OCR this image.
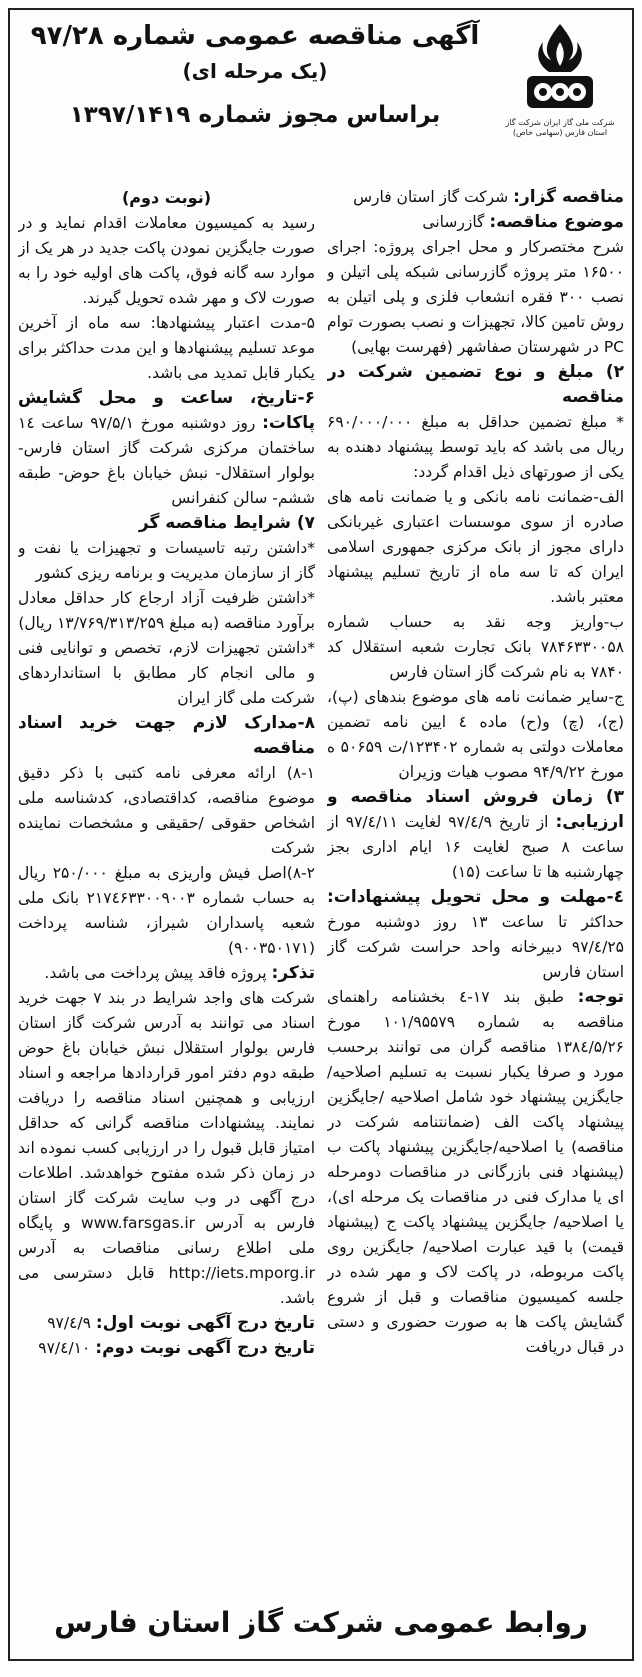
شرکت ملی گاز ایران شرکت گاز استان فارس (سهامی خاص)
آگهی مناقصه عمومی شماره ۹۷/۲۸
(یک مرحله ای)
براساس مجوز شماره ۱۳۹۷/۱۴۱۹

مناقصه گزار: شرکت گاز استان فارس

موضوع مناقصه: گازرسانی

شرح مختصرکار و محل اجرای پروژه: اجرای ۱۶۵۰۰ متر پروژه گازرسانی شبکه پلی اتیلن و نصب ۳۰۰ فقره انشعاب فلزی و پلی اتیلن به روش تامین کالا، تجهیزات و نصب بصورت توام PC در شهرستان صفاشهر (فهرست بهایی)

۲) مبلغ و نوع تضمین شرکت در مناقصه

* مبلغ تضمین حداقل به مبلغ ۶۹۰/۰۰۰/۰۰۰ ریال می باشد که باید توسط پیشنهاد دهنده به یکی از صورتهای ذیل اقدام گردد:

الف-ضمانت نامه بانکی و یا ضمانت نامه های صادره از سوی موسسات اعتباری غیربانکی دارای مجوز از بانک مرکزی جمهوری اسلامی ایران که تا سه ماه از تاریخ تسلیم پیشنهاد معتبر باشد.

ب-واریز وجه نقد به حساب شماره ۷۸۴۶۳۳۰۰۵۸ بانک تجارت شعبه استقلال کد ۷۸۴۰ به نام شرکت گاز استان فارس

ج-سایر ضمانت نامه های موضوع بندهای (پ)، (ج)، (چ) و(ح) ماده ٤ ایین نامه تضمین معاملات دولتی به شماره ۱۲۳۴۰۲/ت ۵۰۶۵۹ ه مورخ ۹۴/۹/۲۲ مصوب هیات وزیران

۳) زمان فروش اسناد مناقصه و ارزیابی: از تاریخ ۹۷/٤/۹ لغایت ۹۷/٤/۱۱ از ساعت ۸ صبح لغایت ۱۶ ایام اداری بجز چهارشنبه ها تا ساعت (۱۵)

٤-مهلت و محل تحویل پیشنهادات: حداکثر تا ساعت ۱۳ روز دوشنبه مورخ ۹۷/٤/۲۵ دبیرخانه واحد حراست شرکت گاز استان فارس

توجه: طبق بند ۱۷-٤ بخشنامه راهنمای مناقصه به شماره ۱۰۱/۹۵۵۷۹ مورخ ۱۳۸٤/۵/۲۶ مناقصه گران می توانند برحسب مورد و صرفا یکبار نسبت به تسلیم اصلاحیه/ جایگزین پیشنهاد خود شامل اصلاحیه /جایگزین پیشنهاد پاکت الف (ضمانتنامه شرکت در مناقصه) یا اصلاحیه/جایگزین پیشنهاد پاکت ب (پیشنهاد فنی بازرگانی در مناقصات دومرحله ای یا مدارک فنی در مناقصات یک مرحله ای)، یا اصلاحیه/ جایگزین پیشنهاد پاکت ج (پیشنهاد قیمت) با قید عبارت اصلاحیه/ جایگزین روی پاکت مربوطه، در پاکت لاک و مهر شده در جلسه کمیسیون مناقصات و قبل از شروع گشایش پاکت ها به صورت حضوری و دستی در قبال دریافت

(نوبت دوم)

رسید به کمیسیون معاملات اقدام نماید و در صورت جایگزین نمودن پاکت جدید در هر یک از موارد سه گانه فوق، پاکت های اولیه خود را به صورت لاک و مهر شده تحویل گیرند.

۵-مدت اعتبار پیشنهادها: سه ماه از آخرین موعد تسلیم پیشنهادها و این مدت حداکثر برای یکبار قابل تمدید می باشد.

۶-تاریخ، ساعت و محل گشایش پاکات: روز دوشنبه مورخ ۹۷/۵/۱ ساعت ۱٤ ساختمان مرکزی شرکت گاز استان فارس- بولوار استقلال- نبش خیابان باغ حوض- طبقه ششم- سالن کنفرانس

۷) شرایط مناقصه گر

*داشتن رتبه تاسیسات و تجهیزات یا نفت و گاز از سازمان مدیریت و برنامه ریزی کشور

*داشتن ظرفیت آزاد ارجاع کار حداقل معادل برآورد مناقصه (به مبلغ ۱۳/۷۶۹/۳۱۳/۲۵۹ ریال)

*داشتن تجهیزات لازم، تخصص و توانایی فنی و مالی انجام کار مطابق با استانداردهای شرکت ملی گاز ایران

۸-مدارک لازم جهت خرید اسناد مناقصه

۸-۱) ارائه معرفی نامه کتبی با ذکر دقیق موضوع مناقصه، کداقتصادی، کدشناسه ملی اشخاص حقوقی /حقیقی و مشخصات نماینده شرکت

۸-۲)اصل فیش واریزی به مبلغ ۲۵۰/۰۰۰ ریال به حساب شماره ۲۱۷٤۶۳۳۰۰۹۰۰۳ بانک ملی شعبه پاسداران شیراز، شناسه پرداخت (۹۰۰۳۵۰۱۷۱)

تذکر: پروژه فاقد پیش پرداخت می باشد.

شرکت های واجد شرایط در بند ۷ جهت خرید اسناد می توانند به آدرس شرکت گاز استان فارس بولوار استقلال نبش خیابان باغ حوض طبقه دوم دفتر امور قراردادها مراجعه و اسناد ارزیابی و همچنین اسناد مناقصه را دریافت نمایند. پیشنهادات مناقصه گرانی که حداقل امتیاز قابل قبول را در ارزیابی کسب نموده اند در زمان ذکر شده مفتوح خواهدشد. اطلاعات درج آگهی در وب سایت شرکت گاز استان فارس به آدرس www.farsgas.ir و پایگاه ملی اطلاع رسانی مناقصات به آدرس http://iets.mporg.ir قابل دسترسی می باشد.

تاریخ درج آگهی نوبت اول: ۹۷/٤/۹

تاریخ درج آگهی نوبت دوم: ۹۷/٤/۱۰

روابط عمومی شرکت گاز استان فارس
